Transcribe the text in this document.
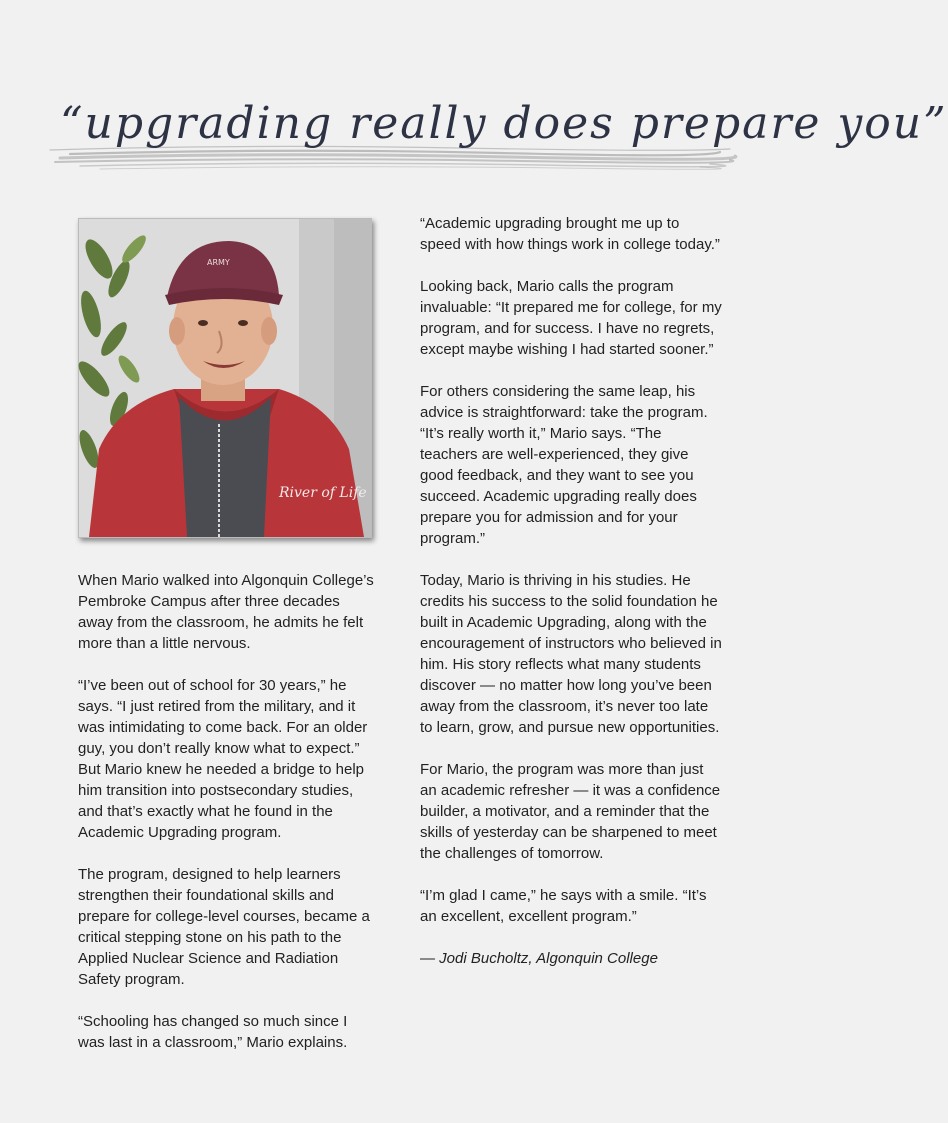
“upgrading really does prepare you”
River of Life
ARMY

When Mario walked into Algonquin College’s Pembroke Campus after three decades away from the classroom, he admits he felt more than a little nervous.

“I’ve been out of school for 30 years,” he says. “I just retired from the military, and it was intimidating to come back. For an older guy, you don’t really know what to expect.” But Mario knew he needed a bridge to help him transition into postsecondary studies, and that’s exactly what he found in the Academic Upgrading program.

The program, designed to help learners strengthen their foundational skills and prepare for college-level courses, became a critical stepping stone on his path to the Applied Nuclear Science and Radiation Safety program.

“Schooling has changed so much since I was last in a classroom,” Mario explains.

“Academic upgrading brought me up to speed with how things work in college today.”

Looking back, Mario calls the program invaluable: “It prepared me for college, for my program, and for success. I have no regrets, except maybe wishing I had started sooner.”

For others considering the same leap, his advice is straightforward: take the program. “It’s really worth it,” Mario says. “The teachers are well-experienced, they give good feedback, and they want to see you succeed. Academic upgrading really does prepare you for admission and for your program.”

Today, Mario is thriving in his studies. He credits his success to the solid foundation he built in Academic Upgrading, along with the encouragement of instructors who believed in him. His story reflects what many students discover — no matter how long you’ve been away from the classroom, it’s never too late to learn, grow, and pursue new opportunities.

For Mario, the program was more than just an academic refresher — it was a confidence builder, a motivator, and a reminder that the skills of yesterday can be sharpened to meet the challenges of tomorrow.

“I’m glad I came,” he says with a smile. “It’s an excellent, excellent program.”

— Jodi Bucholtz, Algonquin College
